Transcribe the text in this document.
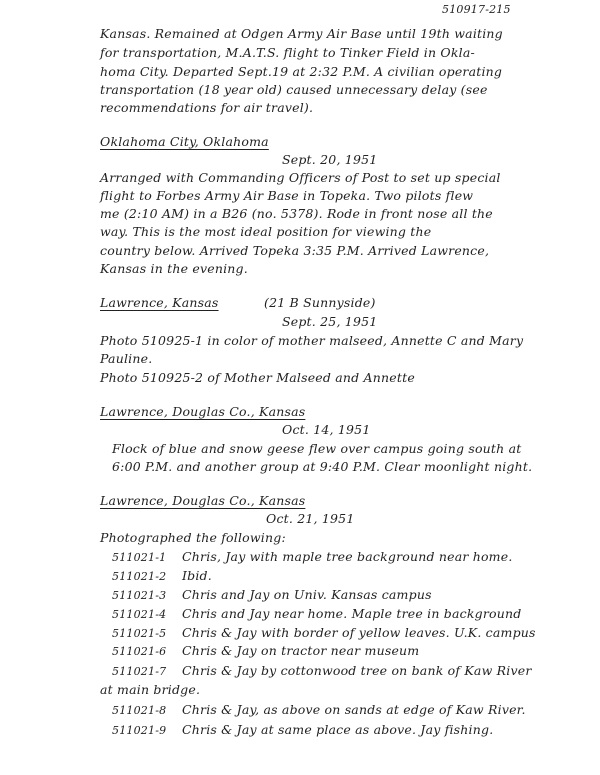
510917-215
Kansas. Remained at Odgen Army Air Base until 19th waiting
for transportation, M.A.T.S. flight to Tinker Field in Okla-
homa City. Departed Sept.19 at 2:32 P.M. A civilian operating
transportation (18 year old) caused unnecessary delay (see
recommendations for air travel).
Oklahoma City, Oklahoma
Sept. 20, 1951
Arranged with Commanding Officers of Post to set up special
flight to Forbes Army Air Base in Topeka. Two pilots flew
me (2:10 AM) in a B26 (no. 5378). Rode in front nose all the
way. This is the most ideal position for viewing the
country below. Arrived Topeka 3:35 P.M. Arrived Lawrence,
Kansas in the evening.
Lawrence, Kansas	(21 B Sunnyside)
Sept. 25, 1951
Photo 510925-1 in color of mother malseed, Annette C and Mary
Pauline.
Photo 510925-2 of Mother Malseed and Annette
Lawrence, Douglas Co., Kansas
Oct. 14, 1951
Flock of blue and snow geese flew over campus going south at
6:00 P.M. and another group at 9:40 P.M. Clear moonlight night.
Lawrence, Douglas Co., Kansas
Oct. 21, 1951
Photographed the following:
511021-1 Chris, Jay with maple tree background near home.
511021-2 Ibid.
511021-3 Chris and Jay on Univ. Kansas campus
511021-4 Chris and Jay near home. Maple tree in background
511021-5 Chris & Jay with border of yellow leaves. U.K. campus
511021-6 Chris & Jay on tractor near museum
511021-7 Chris & Jay by cottonwood tree on bank of Kaw River
at main bridge.
511021-8 Chris & Jay, as above on sands at edge of Kaw River.
511021-9 Chris & Jay at same place as above. Jay fishing.
